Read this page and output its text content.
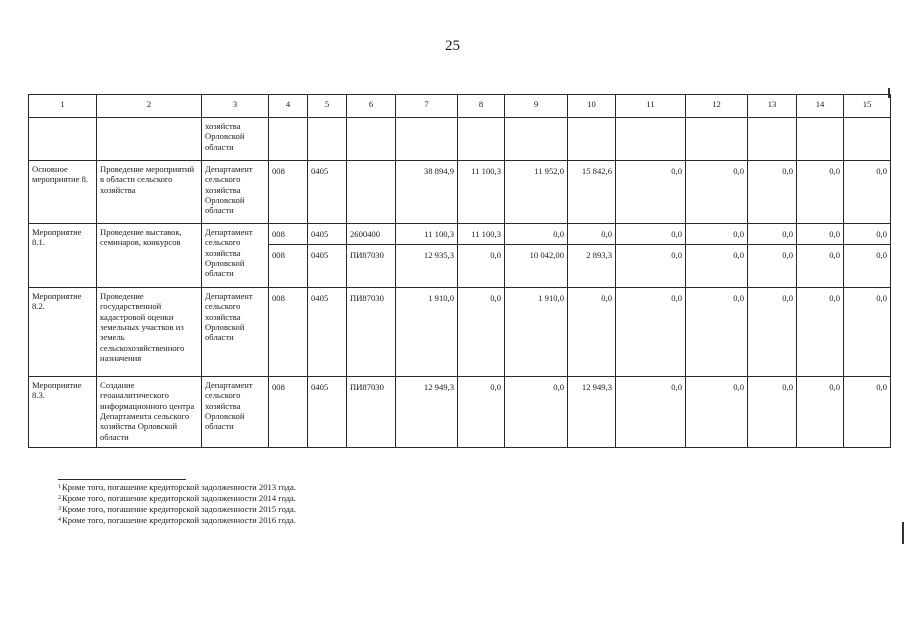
25
1	2	3	4	5	6	7	8	9	10	11	12	13	14	15
		хозяйства Орловской области												
Основное мероприятие 8.	Проведение мероприятий в области сельского хозяйства	Департамент сельского хозяйства Орловской области	008	0405		38 894,9	11 100,3	11 952,0	15 842,6	0,0	0,0	0,0	0,0	0,0
Мероприятие 8.1.	Проведение выставок, семинаров, конкурсов	Департамент сельского хозяйства Орловской области	008	0405	2600400	11 100,3	11 100,3	0,0	0,0	0,0	0,0	0,0	0,0	0,0
			008	0405	ПИ87030	12 935,3	0,0	10 042,00	2 893,3	0,0	0,0	0,0	0,0	0,0
Мероприятие 8.2.	Проведение государственной кадастровой оценки земельных участков из земель сельскохозяйственного назначения	Департамент сельского хозяйства Орловской области	008	0405	ПИ87030	1 910,0	0,0	1 910,0	0,0	0,0	0,0	0,0	0,0	0,0
Мероприятие 8.3.	Создание геоаналитического информационного центра Департамента сельского хозяйства Орловской области	Департамент сельского хозяйства Орловской области	008	0405	ПИ87030	12 949,3	0,0	0,0	12 949,3	0,0	0,0	0,0	0,0	0,0
$^1$Кроме того, погашение кредиторской задолженности 2013 года.
$^2$Кроме того, погашение кредиторской задолженности 2014 года.
$^3$Кроме того, погашение кредиторской задолженности 2015 года.
$^4$Кроме того, погашение кредиторской задолженности 2016 года.
